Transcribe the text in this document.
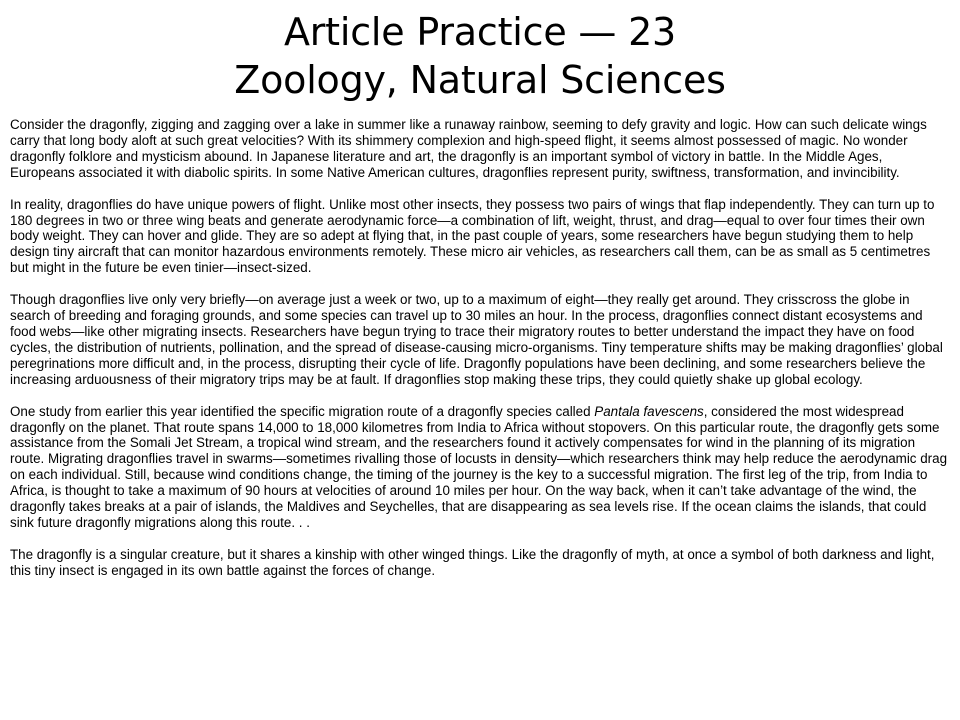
Article Practice — 23
Zoology, Natural Sciences

Consider the dragonfly, zigging and zagging over a lake in summer like a runaway rainbow, seeming to defy gravity and logic. How can such delicate wings carry that long body aloft at such great velocities? With its shimmery complexion and high-speed flight, it seems almost possessed of magic. No wonder dragonfly folklore and mysticism abound. In Japanese literature and art, the dragonfly is an important symbol of victory in battle. In the Middle Ages, Europeans associated it with diabolic spirits. In some Native American cultures, dragonflies represent purity, swiftness, transformation, and invincibility.

In reality, dragonflies do have unique powers of flight. Unlike most other insects, they possess two pairs of wings that flap independently. They can turn up to 180 degrees in two or three wing beats and generate aerodynamic force—a combination of lift, weight, thrust, and drag—equal to over four times their own body weight. They can hover and glide. They are so adept at flying that, in the past couple of years, some researchers have begun studying them to help design tiny aircraft that can monitor hazardous environments remotely. These micro air vehicles, as researchers call them, can be as small as 5 centimetres but might in the future be even tinier—insect-sized.

Though dragonflies live only very briefly—on average just a week or two, up to a maximum of eight—they really get around. They crisscross the globe in search of breeding and foraging grounds, and some species can travel up to 30 miles an hour. In the process, dragonflies connect distant ecosystems and food webs—like other migrating insects. Researchers have begun trying to trace their migratory routes to better understand the impact they have on food cycles, the distribution of nutrients, pollination, and the spread of disease-causing micro-organisms. Tiny temperature shifts may be making dragonflies’ global peregrinations more difficult and, in the process, disrupting their cycle of life. Dragonfly populations have been declining, and some researchers believe the increasing arduousness of their migratory trips may be at fault. If dragonflies stop making these trips, they could quietly shake up global ecology.

One study from earlier this year identified the specific migration route of a dragonfly species called Pantala favescens, considered the most widespread dragonfly on the planet. That route spans 14,000 to 18,000 kilometres from India to Africa without stopovers. On this particular route, the dragonfly gets some assistance from the Somali Jet Stream, a tropical wind stream, and the researchers found it actively compensates for wind in the planning of its migration route. Migrating dragonflies travel in swarms—sometimes rivalling those of locusts in density—which researchers think may help reduce the aerodynamic drag on each individual. Still, because wind conditions change, the timing of the journey is the key to a successful migration. The first leg of the trip, from India to Africa, is thought to take a maximum of 90 hours at velocities of around 10 miles per hour. On the way back, when it can’t take advantage of the wind, the dragonfly takes breaks at a pair of islands, the Maldives and Seychelles, that are disappearing as sea levels rise. If the ocean claims the islands, that could sink future dragonfly migrations along this route. . .

The dragonfly is a singular creature, but it shares a kinship with other winged things. Like the dragonfly of myth, at once a symbol of both darkness and light, this tiny insect is engaged in its own battle against the forces of change.
